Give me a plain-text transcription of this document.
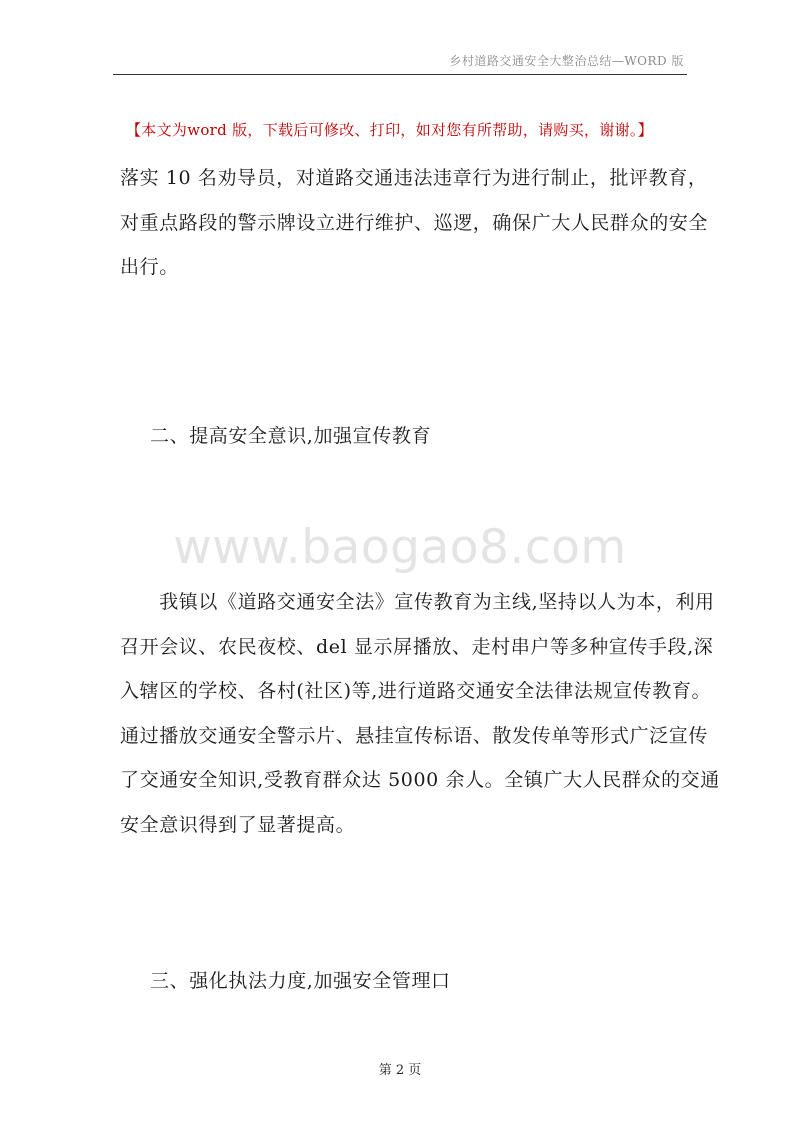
乡村道路交通安全大整治总结—WORD 版
【本文为word 版，下载后可修改、打印，如对您有所帮助，请购买，谢谢。】
落实 10 名劝导员，对道路交通违法违章行为进行制止，批评教育，
对重点路段的警示牌设立进行维护、巡逻，确保广大人民群众的安全
出行。
二、提高安全意识,加强宣传教育
www.baogao8.com
　　我镇以《道路交通安全法》宣传教育为主线,坚持以人为本，利用
召开会议、农民夜校、del 显示屏播放、走村串户等多种宣传手段,深
入辖区的学校、各村(社区)等,进行道路交通安全法律法规宣传教育。
通过播放交通安全警示片、悬挂宣传标语、散发传单等形式广泛宣传
了交通安全知识,受教育群众达 5000 余人。全镇广大人民群众的交通
安全意识得到了显著提高。
三、强化执法力度,加强安全管理口
第 2 页
